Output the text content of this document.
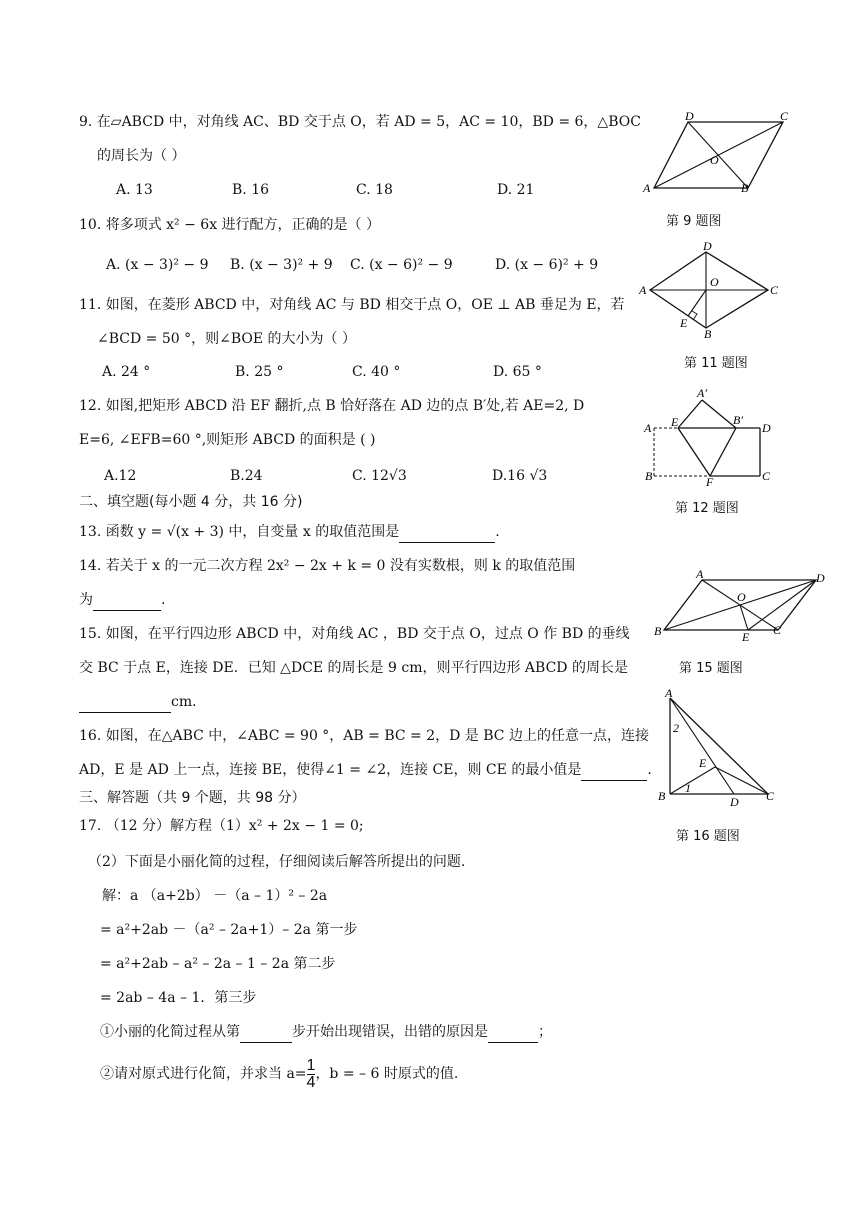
9. 在▱ABCD 中，对角线 AC、BD 交于点 O，若 AD = 5，AC = 10，BD = 6，△BOC
的周长为（ ）
A. 13	B. 16	C. 18	D. 21
D	C
O
A	B
第 9 题图
10. 将多项式 x² − 6x 进行配方，正确的是（ ）
A. (x − 3)² − 9 B. (x − 3)² + 9 C. (x − 6)² − 9	D. (x − 6)² + 9
D
A
O
C
E
B
11. 如图，在菱形 ABCD 中，对角线 AC 与 BD 相交于点 O，OE ⊥ AB 垂足为 E，若
∠BCD = 50 °，则∠BOE 的大小为（ ）
第 11 题图
A. 24 °	B. 25 °	C. 40 °	D. 65 °
A′
E	B′
D
A
B	F	C
12. 如图,把矩形 ABCD 沿 EF 翻折,点 B 恰好落在 AD 边的点 B′处,若 AE=2, D
E=6, ∠EFB=60 °,则矩形 ABCD 的面积是 ( )
A.12	B.24	C. 12√3	D.16 √3
第 12 题图
二、填空题(每小题 4 分，共 16 分)
13. 函数 y = √(x + 3) 中，自变量 x 的取值范围是	.
14. 若关于 x 的一元二次方程 2x² − 2x + k = 0 没有实数根，则 k 的取值范围
为	.
A
O
D
B	E C
第 15 题图
15. 如图，在平行四边形 ABCD 中，对角线 AC ，BD 交于点 O，过点 O 作 BD 的垂线
交 BC 于点 E，连接 DE．已知 △DCE 的周长是 9 cm，则平行四边形 ABCD 的周长是
cm．
A
2
E
1
B	D C
第 16 题图
16. 如图，在△ABC 中，∠ABC = 90 °，AB = BC = 2，D 是 BC 边上的任意一点，连接
AD，E 是 AD 上一点，连接 BE，使得∠1 = ∠2，连接 CE，则 CE 的最小值是	.
三、解答题（共 9 个题，共 98 分）
17. （12 分）解方程（1）x² + 2x − 1 = 0;
（2）下面是小丽化简的过程，仔细阅读后解答所提出的问题.
解：a （a+2b） －（a – 1）² – 2a
= a²+2ab －（a² – 2a+1）– 2a 第一步
= a²+2ab – a² – 2a – 1 – 2a 第二步
= 2ab – 4a – 1．第三步
①小丽的化简过程从第	步开始出现错误，出错的原因是	；
②请对原式进行化简，并求当 $a= \frac{1}{4}$ ，b = – 6 时原式的值.
